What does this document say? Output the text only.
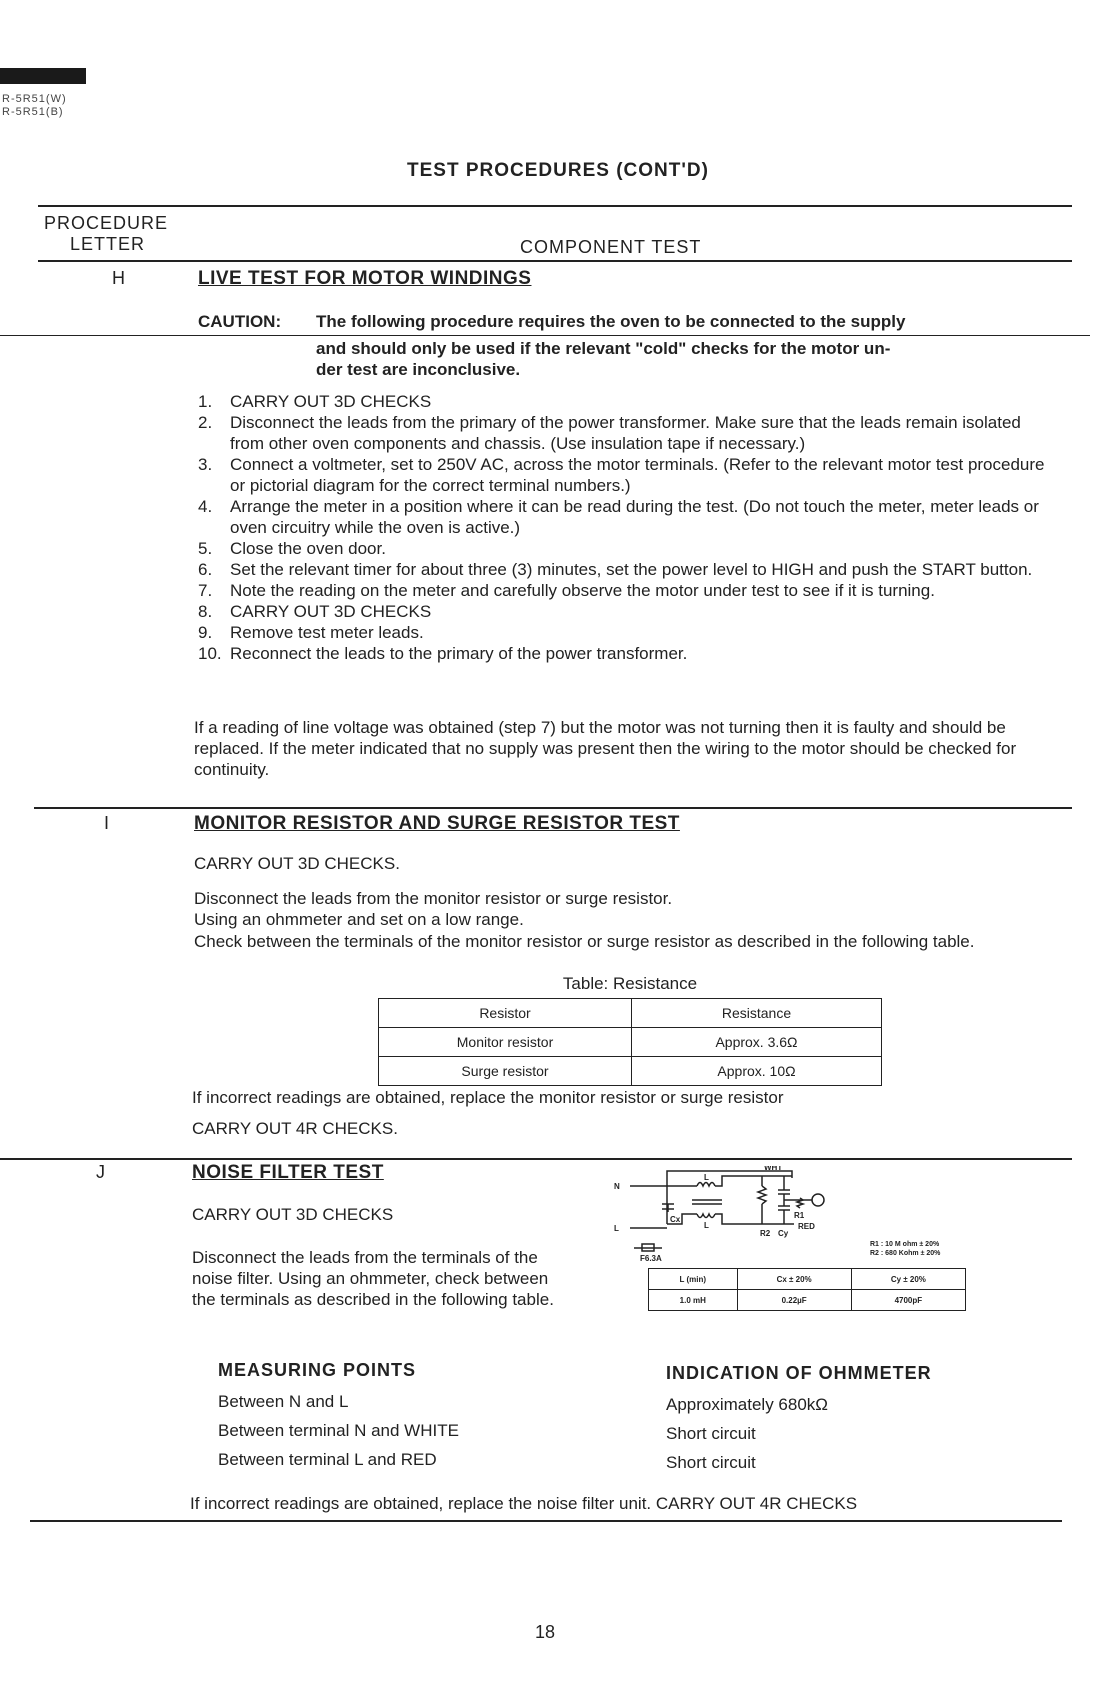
R-5R51(W)
R-5R51(B)
TEST PROCEDURES (CONT'D)
PROCEDURE
LETTER	COMPONENT TEST
H	LIVE TEST FOR MOTOR WINDINGS
CAUTION: The following procedure requires the oven to be connected to the supply
and should only be used if the relevant "cold" checks for the motor un-
der test are inconclusive.
1. CARRY OUT 3D CHECKS
2. Disconnect the leads from the primary of the power transformer. Make sure that the leads remain isolated from other oven components and chassis. (Use insulation tape if necessary.)
3. Connect a voltmeter, set to 250V AC, across the motor terminals. (Refer to the relevant motor test procedure or pictorial diagram for the correct terminal numbers.)
4. Arrange the meter in a position where it can be read during the test. (Do not touch the meter, meter leads or oven circuitry while the oven is active.)
5. Close the oven door.
6. Set the relevant timer for about three (3) minutes, set the power level to HIGH and push the START button.
7. Note the reading on the meter and carefully observe the motor under test to see if it is turning.
8. CARRY OUT 3D CHECKS
9. Remove test meter leads.
10. Reconnect the leads to the primary of the power transformer.
If a reading of line voltage was obtained (step 7) but the motor was not turning then it is faulty and should be replaced. If the meter indicated that no supply was present then the wiring to the motor should be checked for continuity.
I	MONITOR RESISTOR AND SURGE RESISTOR TEST
CARRY OUT 3D CHECKS.
Disconnect the leads from the monitor resistor or surge resistor.
Using an ohmmeter and set on a low range.
Check between the terminals of the monitor resistor or surge resistor as described in the following table.
Table: Resistance
Resistor	Resistance
Monitor resistor	Approx. 3.6Ω
Surge resistor	Approx. 10Ω
If incorrect readings are obtained, replace the monitor resistor or surge resistor
CARRY OUT 4R CHECKS.
J	NOISE FILTER TEST
CARRY OUT 3D CHECKS
Disconnect the leads from the terminals of the noise filter. Using an ohmmeter, check between the terminals as described in the following table.
N
L
WHT
RED
L
L
Cx
R2 Cy
R1
F6.3A
R1 : 10 M ohm ± 20%
R2 : 680 Kohm ± 20%
L (min)	Cx ± 20%	Cy ± 20%
1.0 mH	0.22µF	4700pF
MEASURING POINTS	INDICATION OF OHMMETER
Between N and L	Approximately 680kΩ
Between terminal N and WHITE	Short circuit
Between terminal L and RED	Short circuit
If incorrect readings are obtained, replace the noise filter unit. CARRY OUT 4R CHECKS
18
